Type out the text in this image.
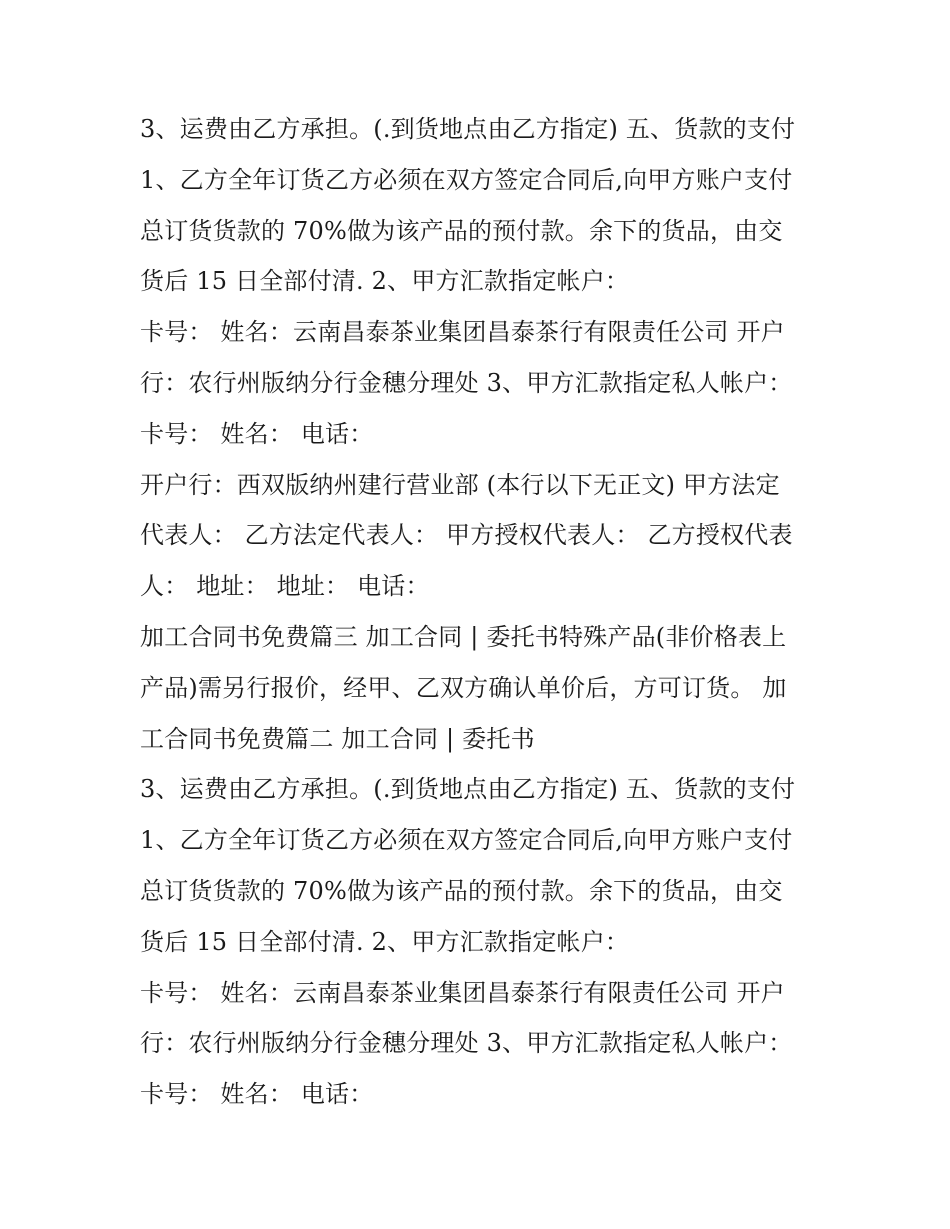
3、运费由乙方承担。(.到货地点由乙方指定) 五、货款的支付
1、乙方全年订货乙方必须在双方签定合同后,向甲方账户支付
总订货货款的 70%做为该产品的预付款。余下的货品，由交
货后 15 日全部付清. 2、甲方汇款指定帐户：
卡号： 姓名：云南昌泰茶业集团昌泰茶行有限责任公司 开户
行：农行州版纳分行金穗分理处 3、甲方汇款指定私人帐户：
卡号： 姓名： 电话：
开户行：西双版纳州建行营业部 (本行以下无正文) 甲方法定
代表人： 乙方法定代表人： 甲方授权代表人： 乙方授权代表
人： 地址： 地址： 电话：
加工合同书免费篇三 加工合同 | 委托书特殊产品(非价格表上
产品)需另行报价，经甲、乙双方确认单价后，方可订货。 加
工合同书免费篇二 加工合同 | 委托书
3、运费由乙方承担。(.到货地点由乙方指定) 五、货款的支付
1、乙方全年订货乙方必须在双方签定合同后,向甲方账户支付
总订货货款的 70%做为该产品的预付款。余下的货品，由交
货后 15 日全部付清. 2、甲方汇款指定帐户：
卡号： 姓名：云南昌泰茶业集团昌泰茶行有限责任公司 开户
行：农行州版纳分行金穗分理处 3、甲方汇款指定私人帐户：
卡号： 姓名： 电话：
